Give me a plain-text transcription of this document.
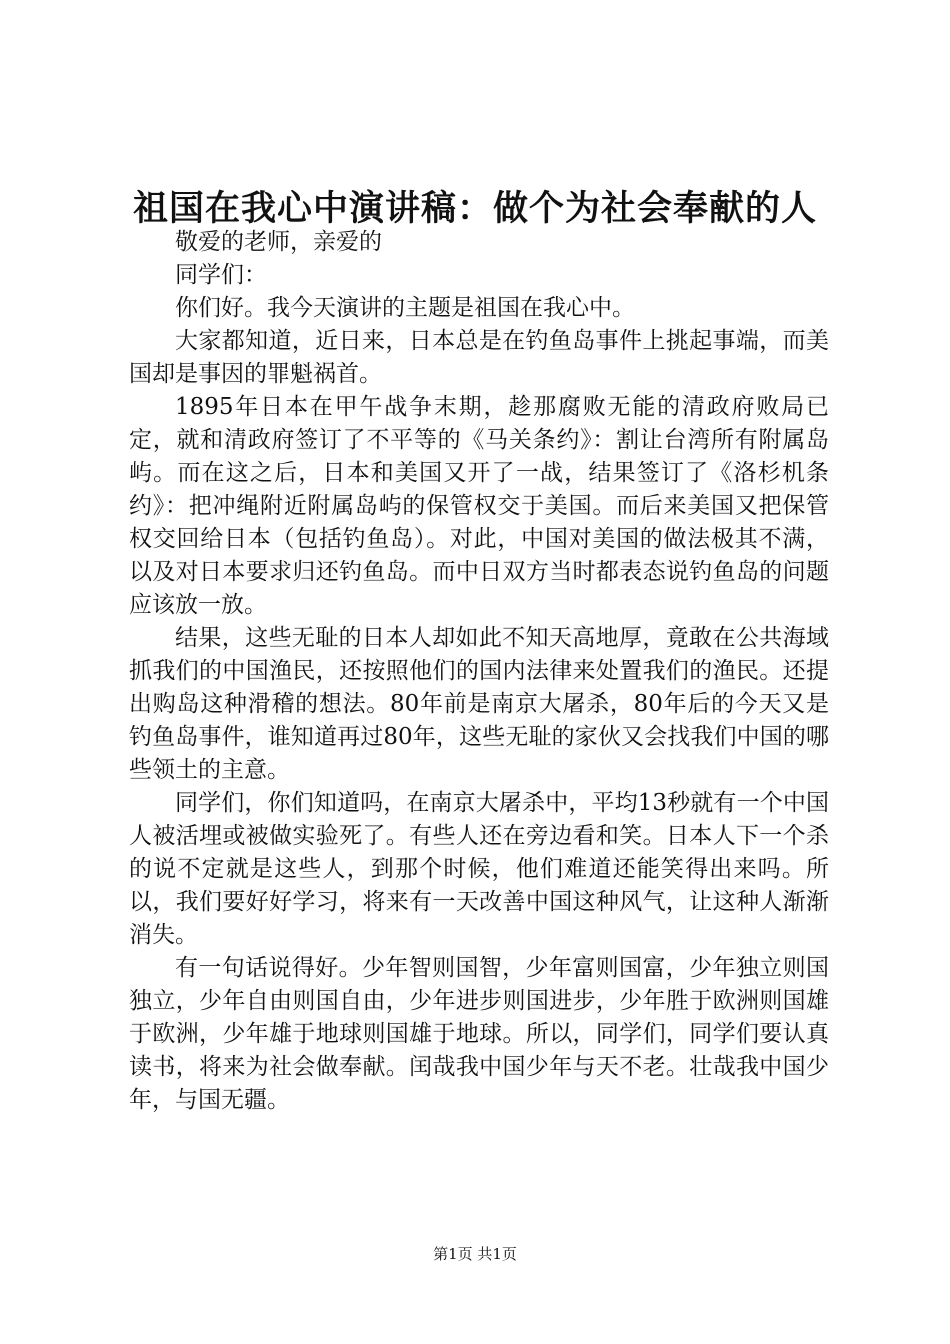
祖国在我心中演讲稿：做个为社会奉献的人

敬爱的老师，亲爱的

同学们：

你们好。我今天演讲的主题是祖国在我心中。

大家都知道，近日来，日本总是在钓鱼岛事件上挑起事端，而美国却是事因的罪魁祸首。

1895年日本在甲午战争末期，趁那腐败无能的清政府败局已定，就和清政府签订了不平等的《马关条约》：割让台湾所有附属岛屿。而在这之后，日本和美国又开了一战，结果签订了《洛杉机条约》：把冲绳附近附属岛屿的保管权交于美国。而后来美国又把保管权交回给日本（包括钓鱼岛）。对此，中国对美国的做法极其不满，以及对日本要求归还钓鱼岛。而中日双方当时都表态说钓鱼岛的问题应该放一放。

结果，这些无耻的日本人却如此不知天高地厚，竟敢在公共海域抓我们的中国渔民，还按照他们的国内法律来处置我们的渔民。还提出购岛这种滑稽的想法。80年前是南京大屠杀，80年后的今天又是钓鱼岛事件，谁知道再过80年，这些无耻的家伙又会找我们中国的哪些领土的主意。

同学们，你们知道吗，在南京大屠杀中，平均13秒就有一个中国人被活埋或被做实验死了。有些人还在旁边看和笑。日本人下一个杀的说不定就是这些人，到那个时候，他们难道还能笑得出来吗。所以，我们要好好学习，将来有一天改善中国这种风气，让这种人渐渐消失。

有一句话说得好。少年智则国智，少年富则国富，少年独立则国独立，少年自由则国自由，少年进步则国进步，少年胜于欧洲则国雄于欧洲，少年雄于地球则国雄于地球。所以，同学们，同学们要认真读书，将来为社会做奉献。闰哉我中国少年与天不老。壮哉我中国少年，与国无疆。

第1页 共1页
